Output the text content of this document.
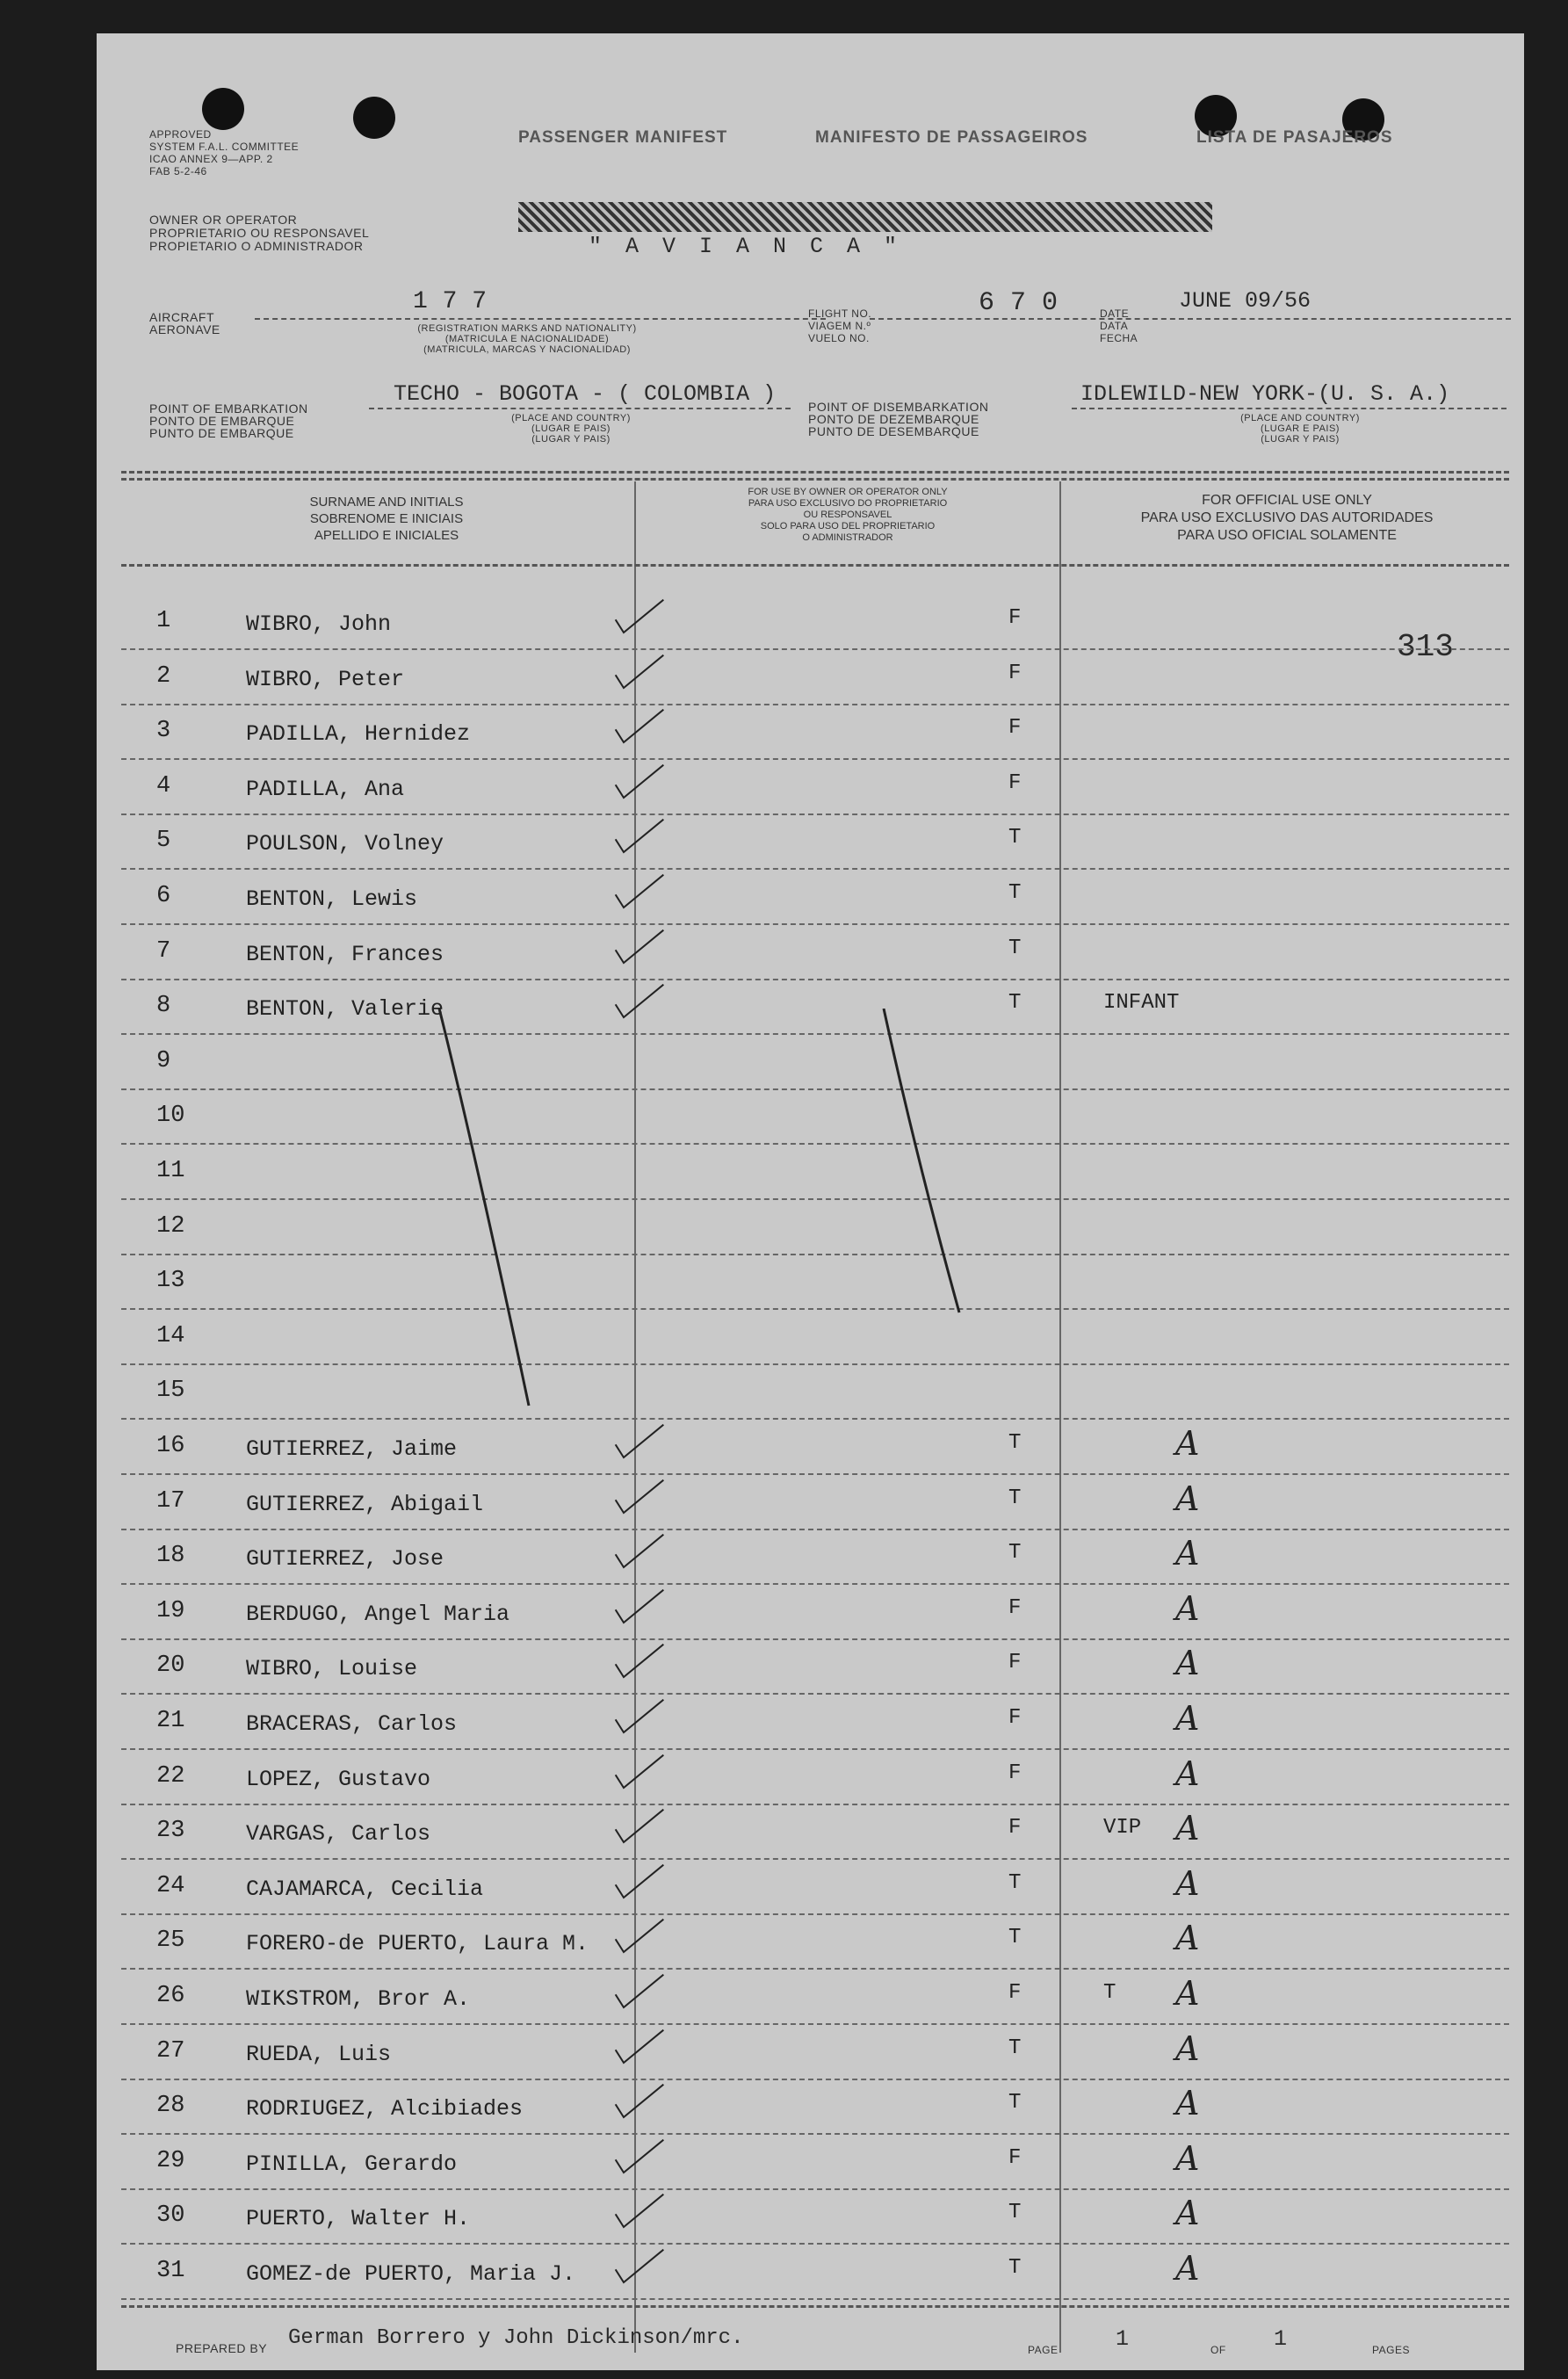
APPROVED
SYSTEM F.A.L. COMMITTEE
ICAO ANNEX 9—APP. 2
FAB 5-2-46
PASSENGER MANIFEST	MANIFESTO DE PASSAGEIROS	LISTA DE PASAJEROS
OWNER OR OPERATOR
PROPRIETARIO OU RESPONSAVEL
PROPIETARIO O ADMINISTRADOR	" A V I A N C A "
AIRCRAFT
AERONAVE
1 7 7
(REGISTRATION MARKS AND NATIONALITY)
(MATRICULA E NACIONALIDADE)
(MATRICULA, MARCAS Y NACIONALIDAD)
FLIGHT NO.
VIAGEM N.º
VUELO NO.
6 7 0	DATE
DATA
FECHA
JUNE 09/56
POINT OF EMBARKATION
PONTO DE EMBARQUE
PUNTO DE EMBARQUE
TECHO - BOGOTA - ( COLOMBIA )
(PLACE AND COUNTRY)
(LUGAR E PAIS)
(LUGAR Y PAIS)
POINT OF DISEMBARKATION
PONTO DE DEZEMBARQUE
PUNTO DE DESEMBARQUE
IDLEWILD-NEW YORK-(U. S. A.)
(PLACE AND COUNTRY)
(LUGAR E PAIS)
(LUGAR Y PAIS)
SURNAME AND INITIALS
SOBRENOME E INICIAIS
APELLIDO E INICIALES
FOR USE BY OWNER OR OPERATOR ONLY
PARA USO EXCLUSIVO DO PROPRIETARIO
OU RESPONSAVEL
SOLO PARA USO DEL PROPRIETARIO
O ADMINISTRADOR
FOR OFFICIAL USE ONLY
PARA USO EXCLUSIVO DAS AUTORIDADES
PARA USO OFICIAL SOLAMENTE
313
1	WIBRO, John	F
2	WIBRO, Peter	F
3	PADILLA, Hernidez	F
4	PADILLA, Ana	F
5	POULSON, Volney	T
6	BENTON, Lewis	T
7	BENTON, Frances	T
8	BENTON, Valerie	T	INFANT
9
10
11
12
13
14
15
16	GUTIERREZ, Jaime	T	A
17	GUTIERREZ, Abigail	T	A
18	GUTIERREZ, Jose	T	A
19	BERDUGO, Angel Maria	F	A
20	WIBRO, Louise	F	A
21	BRACERAS, Carlos	F	A
22	LOPEZ, Gustavo	F	A
23	VARGAS, Carlos	F	VIP A
24	CAJAMARCA, Cecilia	T	A
25	FORERO-de PUERTO, Laura M.	T	A
26	WIKSTROM, Bror A.	F	T A
27	RUEDA, Luis	T	A
28	RODRIUGEZ, Alcibiades	T	A
29	PINILLA, Gerardo	F	A
30	PUERTO, Walter H.	T	A
31	GOMEZ-de PUERTO, Maria J.	T	A
PREPARED BY German Borrero y John Dickinson/mrc.	PAGE	1	OF 1	PAGES
